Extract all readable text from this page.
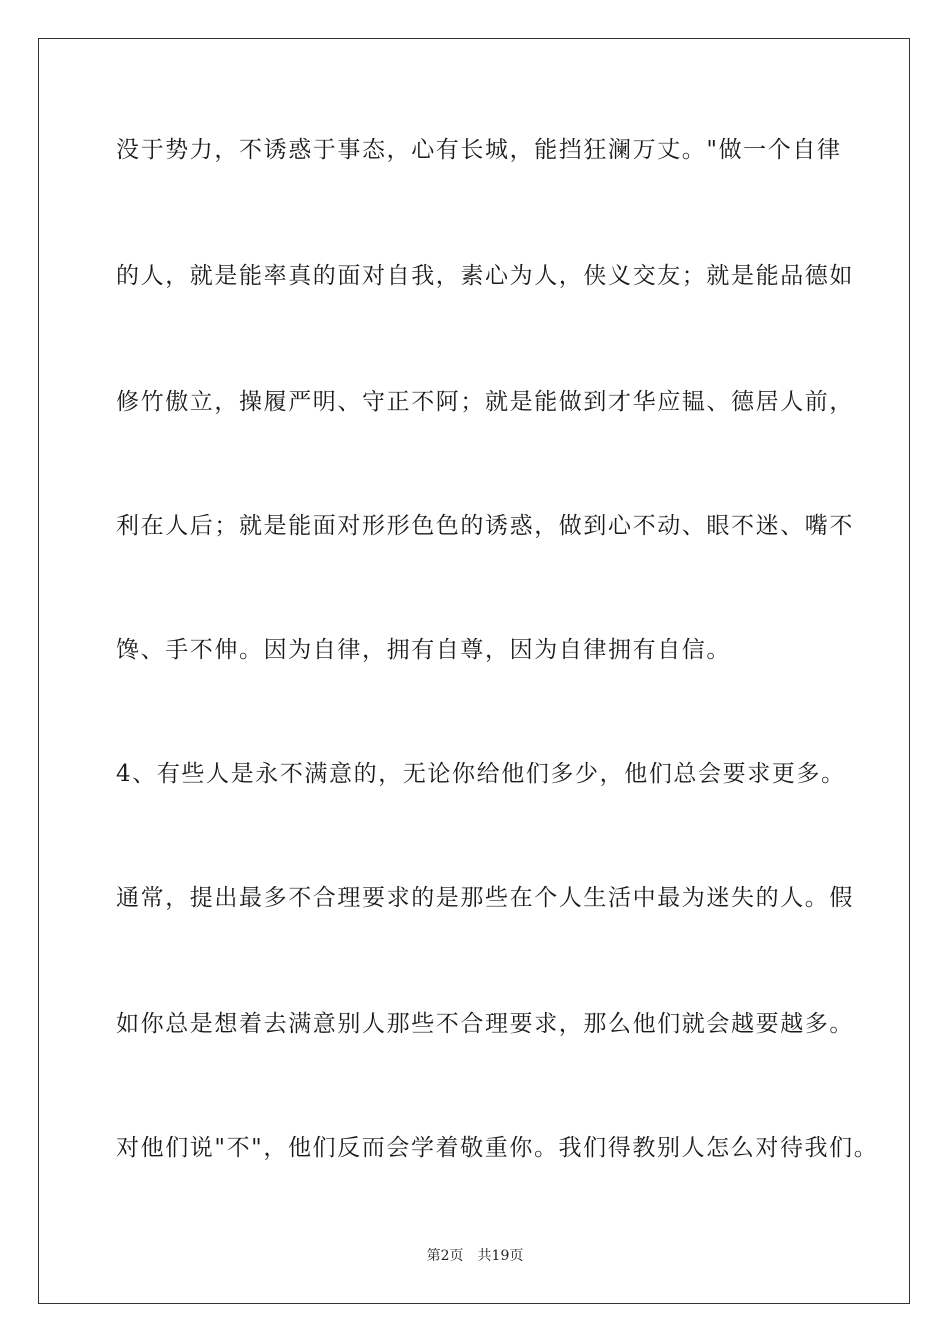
没于势力，不诱惑于事态，心有长城，能挡狂澜万丈。"做一个自律
的人，就是能率真的面对自我，素心为人，侠义交友；就是能品德如
修竹傲立，操履严明、守正不阿；就是能做到才华应韫、德居人前，
利在人后；就是能面对形形色色的诱惑，做到心不动、眼不迷、嘴不
馋、手不伸。因为自律，拥有自尊，因为自律拥有自信。
4、有些人是永不满意的，无论你给他们多少，他们总会要求更多。
通常，提出最多不合理要求的是那些在个人生活中最为迷失的人。假
如你总是想着去满意别人那些不合理要求，那么他们就会越要越多。
对他们说"不"，他们反而会学着敬重你。我们得教别人怎么对待我们。
第2页 共19页
